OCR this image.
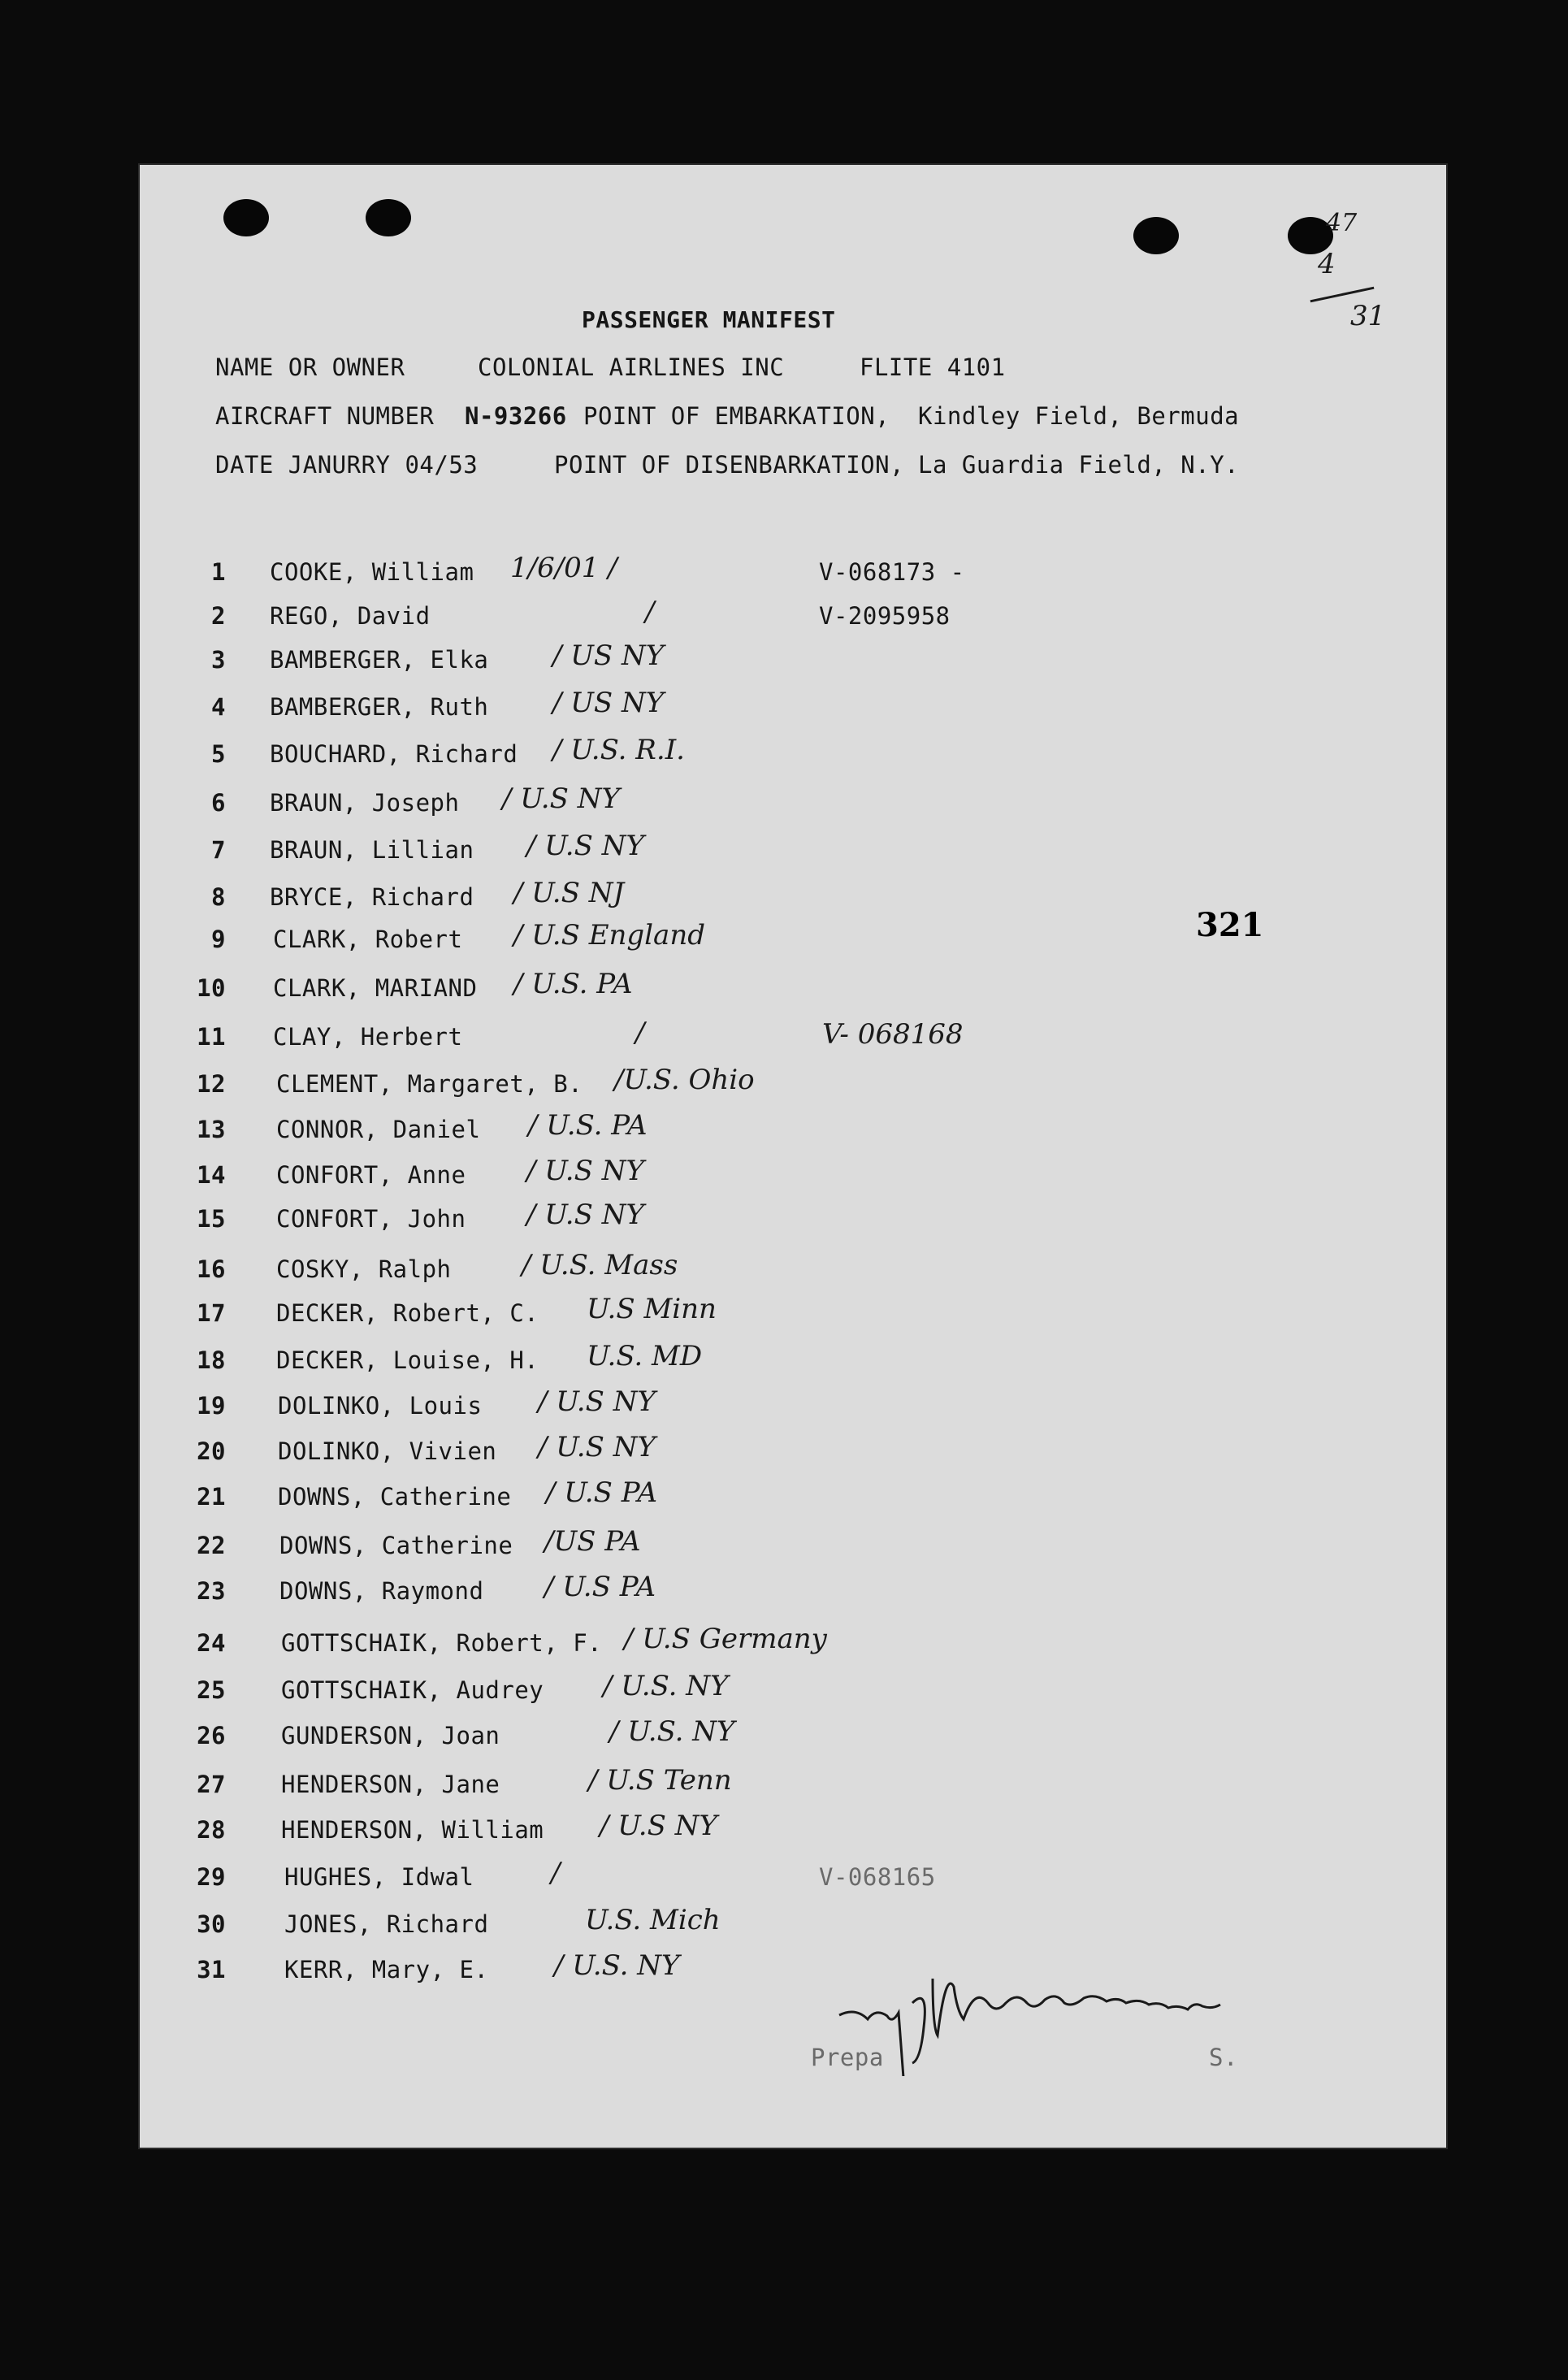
47
4
31
PASSENGER MANIFEST
NAME OR OWNER	COLONIAL AIRLINES INC	FLITE 4101
AIRCRAFT NUMBER N-93266 POINT OF EMBARKATION, Kindley Field, Bermuda
DATE JANURRY 04/53	POINT OF DISENBARKATION, La Guardia Field, N.Y.
321
1 COOKE, William 1/6/01 /	V-068173 -
2 REGO, David	/	V-2095958
3 BAMBERGER, Elka / US NY
4 BAMBERGER, Ruth / US NY
5 BOUCHARD, Richard / U.S. R.I.
6 BRAUN, Joseph / U.S NY
7 BRAUN, Lillian / U.S NY
8 BRYCE, Richard / U.S NJ
9 CLARK, Robert / U.S England
10 CLARK, MARIAND / U.S. PA
11 CLAY, Herbert	/	V- 068168
12 CLEMENT, Margaret, B. /U.S. Ohio
13 CONNOR, Daniel / U.S. PA
14 CONFORT, Anne / U.S NY
15 CONFORT, John / U.S NY
16 COSKY, Ralph	/ U.S. Mass
17 DECKER, Robert, C. U.S Minn
18 DECKER, Louise, H. U.S. MD
19 DOLINKO, Louis / U.S NY
20 DOLINKO, Vivien / U.S NY
21 DOWNS, Catherine / U.S PA
22 DOWNS, Catherine /US PA
23 DOWNS, Raymond / U.S PA
24 GOTTSCHAIK, Robert, F. / U.S Germany
25 GOTTSCHAIK, Audrey / U.S. NY
26 GUNDERSON, Joan	/ U.S. NY
27 HENDERSON, Jane	/ U.S Tenn
28 HENDERSON, William / U.S NY
29 HUGHES, Idwal	/	V-068165
30 JONES, Richard	U.S. Mich
31 KERR, Mary, E. / U.S. NY
Prepa	S.
